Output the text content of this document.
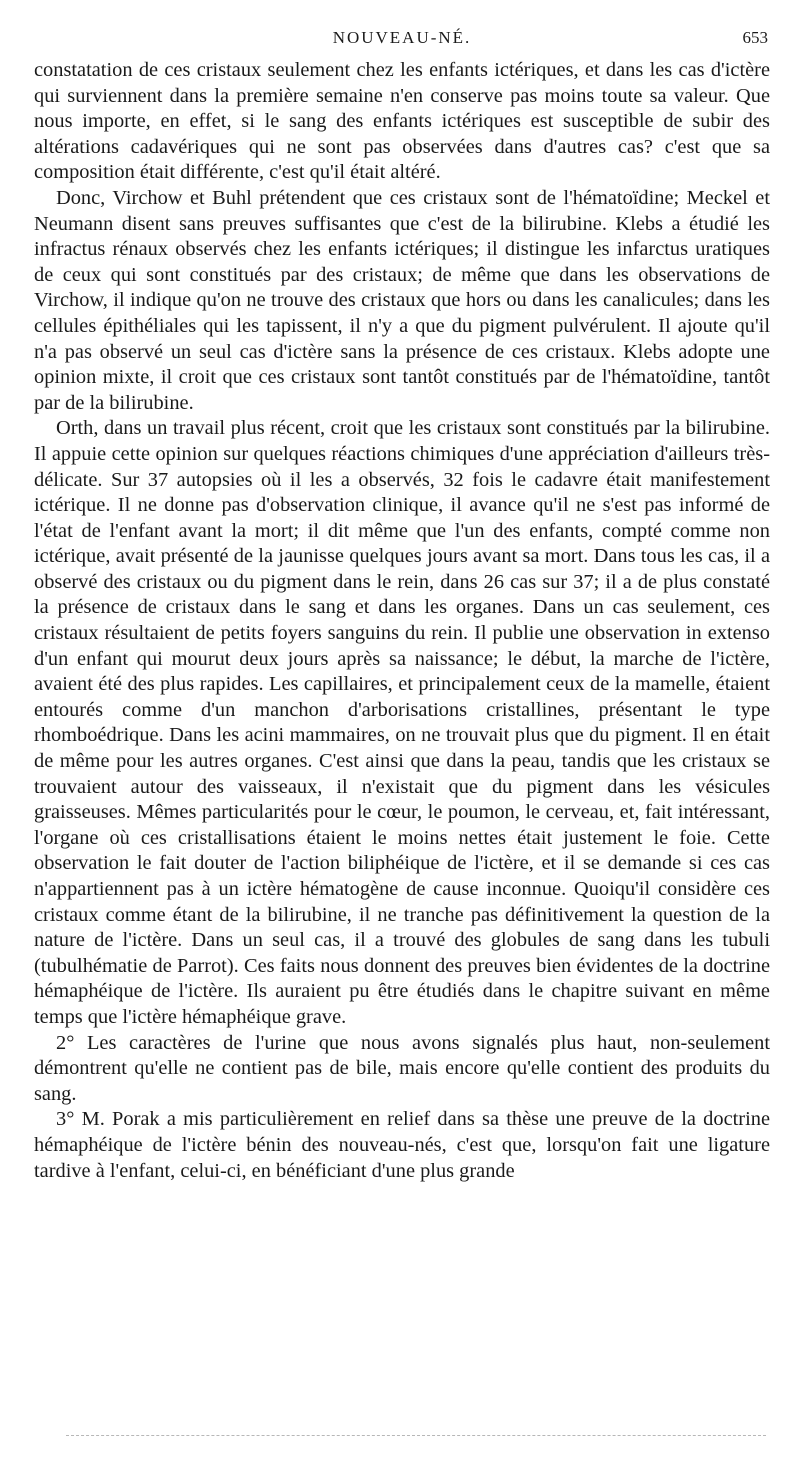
NOUVEAU-NÉ.	653

constatation de ces cristaux seulement chez les enfants ictériques, et dans les cas d'ictère qui surviennent dans la première semaine n'en conserve pas moins toute sa valeur. Que nous importe, en effet, si le sang des enfants ictériques est susceptible de subir des altérations cadavériques qui ne sont pas observées dans d'autres cas? c'est que sa composition était différente, c'est qu'il était altéré.

Donc, Virchow et Buhl prétendent que ces cristaux sont de l'hématoïdine; Meckel et Neumann disent sans preuves suffisantes que c'est de la bilirubine. Klebs a étudié les infractus rénaux observés chez les enfants ictériques; il distingue les infarctus uratiques de ceux qui sont constitués par des cristaux; de même que dans les observations de Virchow, il indique qu'on ne trouve des cristaux que hors ou dans les canalicules; dans les cellules épithéliales qui les tapissent, il n'y a que du pigment pulvérulent. Il ajoute qu'il n'a pas observé un seul cas d'ictère sans la présence de ces cristaux. Klebs adopte une opinion mixte, il croit que ces cristaux sont tantôt constitués par de l'hématoïdine, tantôt par de la bilirubine.

Orth, dans un travail plus récent, croit que les cristaux sont constitués par la bilirubine. Il appuie cette opinion sur quelques réactions chimiques d'une appréciation d'ailleurs très-délicate. Sur 37 autopsies où il les a observés, 32 fois le cadavre était manifestement ictérique. Il ne donne pas d'observation clinique, il avance qu'il ne s'est pas informé de l'état de l'enfant avant la mort; il dit même que l'un des enfants, compté comme non ictérique, avait présenté de la jaunisse quelques jours avant sa mort. Dans tous les cas, il a observé des cristaux ou du pigment dans le rein, dans 26 cas sur 37; il a de plus constaté la présence de cristaux dans le sang et dans les organes. Dans un cas seulement, ces cristaux résultaient de petits foyers sanguins du rein. Il publie une observation in extenso d'un enfant qui mourut deux jours après sa naissance; le début, la marche de l'ictère, avaient été des plus rapides. Les capillaires, et principalement ceux de la mamelle, étaient entourés comme d'un manchon d'arborisations cristallines, présentant le type rhomboédrique. Dans les acini mammaires, on ne trouvait plus que du pigment. Il en était de même pour les autres organes. C'est ainsi que dans la peau, tandis que les cristaux se trouvaient autour des vaisseaux, il n'existait que du pigment dans les vésicules graisseuses. Mêmes particularités pour le cœur, le poumon, le cerveau, et, fait intéressant, l'organe où ces cristallisations étaient le moins nettes était justement le foie. Cette observation le fait douter de l'action biliphéique de l'ictère, et il se demande si ces cas n'appartiennent pas à un ictère hématogène de cause inconnue. Quoiqu'il considère ces cristaux comme étant de la bilirubine, il ne tranche pas définitivement la question de la nature de l'ictère. Dans un seul cas, il a trouvé des globules de sang dans les tubuli (tubulhématie de Parrot). Ces faits nous donnent des preuves bien évidentes de la doctrine hémaphéique de l'ictère. Ils auraient pu être étudiés dans le chapitre suivant en même temps que l'ictère hémaphéique grave.

2° Les caractères de l'urine que nous avons signalés plus haut, non-seulement démontrent qu'elle ne contient pas de bile, mais encore qu'elle contient des produits du sang.

3° M. Porak a mis particulièrement en relief dans sa thèse une preuve de la doctrine hémaphéique de l'ictère bénin des nouveau-nés, c'est que, lorsqu'on fait une ligature tardive à l'enfant, celui-ci, en bénéficiant d'une plus grande
